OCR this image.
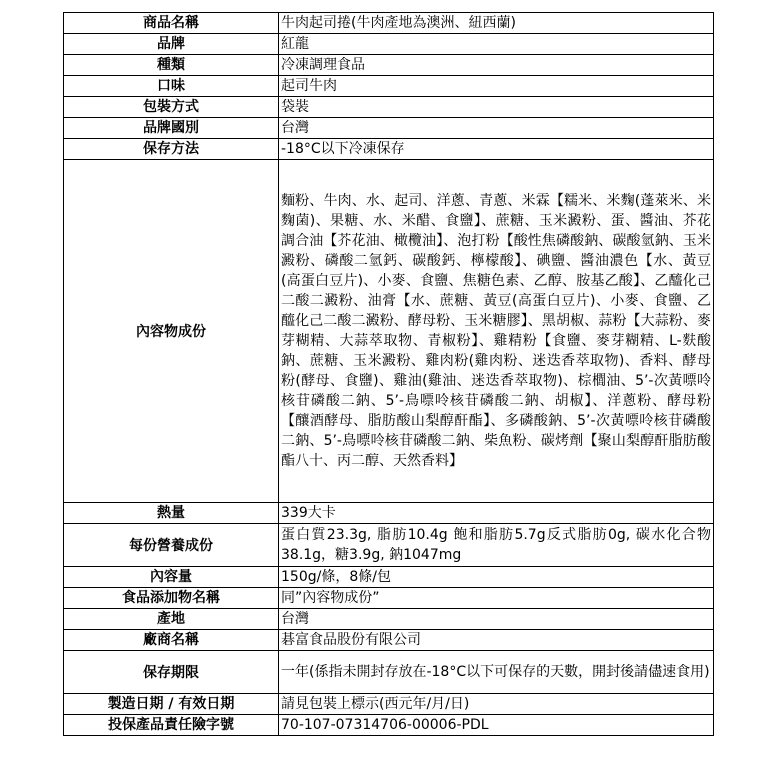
商品名稱	牛肉起司捲(牛肉產地為澳洲、紐西蘭)
品牌	紅龍
種類	冷凍調理食品
口味	起司牛肉
包裝方式	袋裝
品牌國別	台灣
保存方法	-18°C以下冷凍保存
內容物成份	麵粉、牛肉、水、起司、洋蔥、青蔥、米霖【糯米、米麴(蓬萊米、米麴菌)、果糖、水、米醋、食鹽】、蔗糖、玉米澱粉、蛋、醬油、芥花調合油【芥花油、橄欖油】、泡打粉【酸性焦磷酸鈉、碳酸氫鈉、玉米澱粉、磷酸二氫鈣、碳酸鈣、檸檬酸】、碘鹽、醬油濃色【水、黃豆(高蛋白豆片)、小麥、食鹽、焦糖色素、乙醇、胺基乙酸】、乙醯化己二酸二澱粉、油膏【水、蔗糖、黃豆(高蛋白豆片)、小麥、食鹽、乙醯化己二酸二澱粉、酵母粉、玉米糖膠】、黑胡椒、蒜粉【大蒜粉、麥芽糊精、大蒜萃取物、青椒粉】、雞精粉【食鹽、麥芽糊精、L-麩酸鈉、蔗糖、玉米澱粉、雞肉粉(雞肉粉、迷迭香萃取物)、香料、酵母粉(酵母、食鹽)、雞油(雞油、迷迭香萃取物)、棕櫚油、5’-次黃嘌呤核苷磷酸二鈉、5’-鳥嘌呤核苷磷酸二鈉、胡椒】、洋蔥粉、酵母粉【釀酒酵母、脂肪酸山梨醇酐酯】、多磷酸鈉、5’-次黃嘌呤核苷磷酸二鈉、5’-鳥嘌呤核苷磷酸二鈉、柴魚粉、碳烤劑【聚山梨醇酐脂肪酸酯八十、丙二醇、天然香料】
熱量	339大卡
每份營養成份	蛋白質23.3g, 脂肪10.4g 飽和脂肪5.7g反式脂肪0g, 碳水化合物38.1g，糖3.9g, 鈉1047mg
內容量	150g/條，8條/包
食品添加物名稱	同”內容物成份”
產地	台灣
廠商名稱	碁富食品股份有限公司
保存期限	一年(係指未開封存放在-18°C以下可保存的天數，開封後請儘速食用)
製造日期 / 有效日期	請見包裝上標示(西元年/月/日)
投保產品責任險字號	70-107-07314706-00006-PDL
